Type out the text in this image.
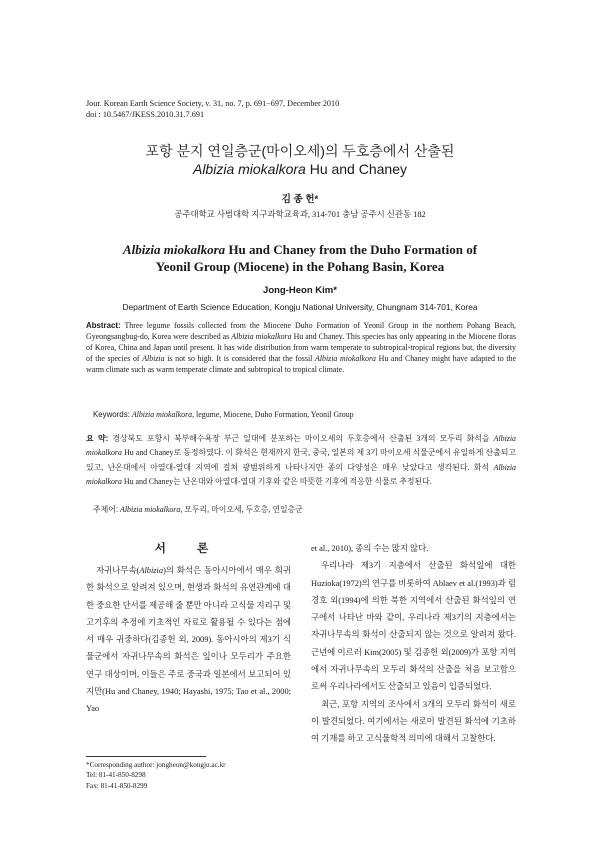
Jour. Korean Earth Science Society, v. 31, no. 7, p. 691−697, December 2010
doi : 10.5467/JKESS.2010.31.7.691
포항 분지 연일층군(마이오세)의 두호층에서 산출된
Albizia miokalkora Hu and Chaney
김 종 헌*
공주대학교 사범대학 지구과학교육과, 314-701 충남 공주시 신관동 182
Albizia miokalkora Hu and Chaney from the Duho Formation of
Yeonil Group (Miocene) in the Pohang Basin, Korea
Jong-Heon Kim*
Department of Earth Science Education, Kongju National University, Chungnam 314-701, Korea
Abstract: Three legume fossils collected from the Miocene Duho Formation of Yeonil Group in the northern Pohang Beach, Gyeongsangbug-do, Korea were described as Albizia miokalkora Hu and Chaney. This species has only appearing in the Miocene floras of Korea, China and Japan until present. It has wide distribution from warm temperate to subtropical-tropical regions but, the diversity of the species of Albizia is not so high. It is considered that the fossil Albizia miokalkora Hu and Chaney might have adapted to the warm climate such as warm temperate climate and subtropical to tropical climate.
Keywords: Albizia miokalkora, legume, Miocene, Duho Formation, Yeonil Group
요 약: 경상북도 포항시 북부해수욕장 부근 일대에 분포하는 마이오세의 두호층에서 산출된 3개의 모두리 화석을 Albizia miokalkora Hu and Chaney로 동정하였다. 이 화석은 현재까지 한국, 중국, 일본의 제 3기 마이오세 식물군에서 유일하게 산출되고 있고, 난온대에서 아열대-열대 지역에 걸쳐 광범위하게 나타나지만 종의 다양성은 매우 낮았다고 생각된다. 화석 Albizia miokalkora Hu and Chaney는 난온대와 아열대-열대 기후와 같은 따뜻한 기후에 적응한 식물로 추정된다.
주제어: Albizia miokalkora, 모두리, 마이오세, 두호층, 연일층군
서 론

자귀나무속(Albizia)의 화석은 동아시아에서 매우 희귀한 화석으로 알려져 있으며, 현생과 화석의 유연관계에 대한 중요한 단서를 제공해 줄 뿐만 아니라 고식물 지리구 및 고기후의 추정에 기초적인 자료로 활용될 수 있다는 점에서 매우 귀중하다(김종헌 외, 2009). 동아시아의 제3기 식물군에서 자귀나무속의 화석은 잎이나 모두리가 주요한 연구 대상이며, 이들은 주로 중국과 일본에서 보고되어 있지만(Hu and Chaney, 1940; Hayashi, 1975; Tao et al., 2000; Yao

et al., 2010), 종의 수는 많지 않다.

우리나라 제3기 지층에서 산출된 화석잎에 대한 Huzioka(1972)의 연구를 비롯하여 Ablaev et al.(1993)과 림경호 외(1994)에 의한 북한 지역에서 산출된 화석잎의 연구에서 나타난 바와 같이, 우리나라 제3기의 지층에서는 자귀나무속의 화석이 산출되지 않는 것으로 알려져 왔다. 근년에 이르러 Kim(2005) 및 김종헌 외(2009)가 포항 지역에서 자귀나무속의 모두리 화석의 산출을 처음 보고함으로써 우리나라에서도 산출되고 있음이 입증되었다.

최근, 포항 지역의 조사에서 3개의 모두리 화석이 새로이 발견되었다. 여기에서는 새로이 발견된 화석에 기초하여 기재를 하고 고식물학적 의미에 대해서 고찰한다.

*Corresponding author: jongheon@kongju.ac.kr
Tel: 81-41-850-8298
Fax: 81-41-850-8299
